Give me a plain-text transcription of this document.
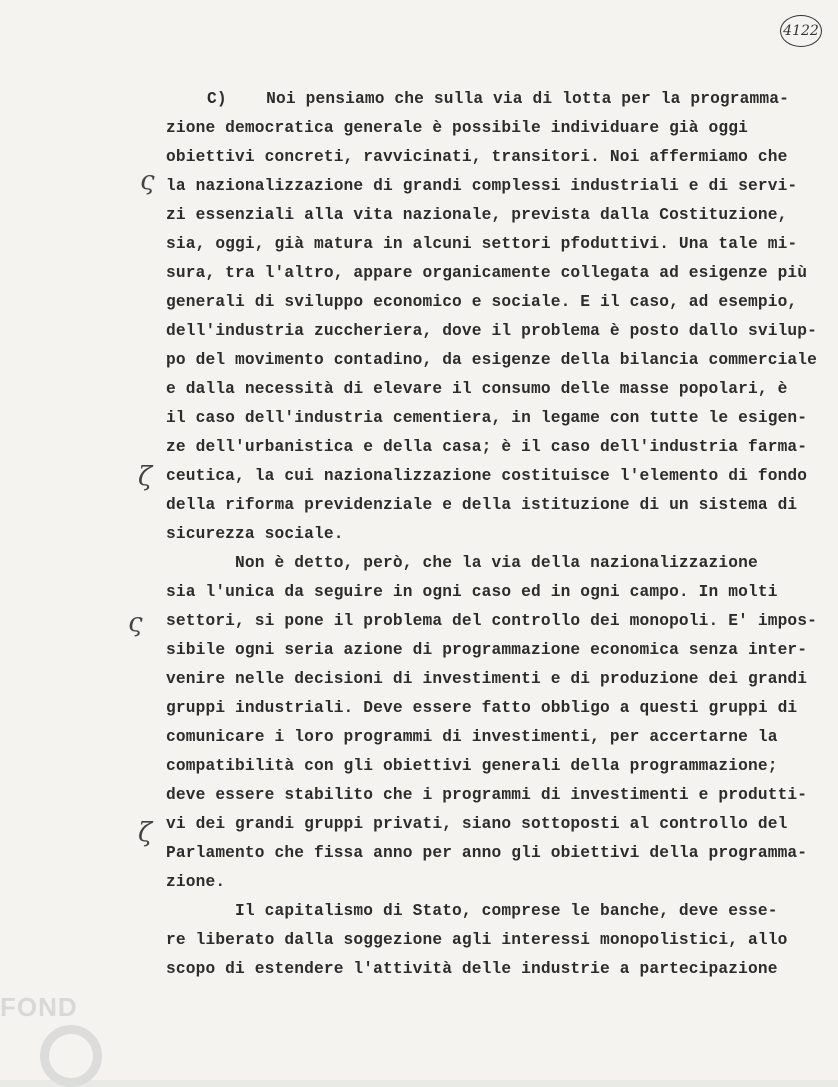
4122
ς
ζ
ς
ζ
C)    Noi pensiamo che sulla via di lotta per la programma-
zione democratica generale è possibile individuare già oggi
obiettivi concreti, ravvicinati, transitori. Noi affermiamo che
la nazionalizzazione di grandi complessi industriali e di servi-
zi essenziali alla vita nazionale, prevista dalla Costituzione,
sia, oggi, già matura in alcuni settori pfoduttivi. Una tale mi-
sura, tra l'altro, appare organicamente collegata ad esigenze più
generali di sviluppo economico e sociale. E il caso, ad esempio,
dell'industria zuccheriera, dove il problema è posto dallo svilup-
po del movimento contadino, da esigenze della bilancia commerciale
e dalla necessità di elevare il consumo delle masse popolari, è
il caso dell'industria cementiera, in legame con tutte le esigen-
ze dell'urbanistica e della casa; è il caso dell'industria farma-
ceutica, la cui nazionalizzazione costituisce l'elemento di fondo
della riforma previdenziale e della istituzione di un sistema di
sicurezza sociale.
Non è detto, però, che la via della nazionalizzazione
sia l'unica da seguire in ogni caso ed in ogni campo. In molti
settori, si pone il problema del controllo dei monopoli. E' impos-
sibile ogni seria azione di programmazione economica senza inter-
venire nelle decisioni di investimenti e di produzione dei grandi
gruppi industriali. Deve essere fatto obbligo a questi gruppi di
comunicare i loro programmi di investimenti, per accertarne la
compatibilità con gli obiettivi generali della programmazione;
deve essere stabilito che i programmi di investimenti e produtti-
vi dei grandi gruppi privati, siano sottoposti al controllo del
Parlamento che fissa anno per anno gli obiettivi della programma-
zione.
Il capitalismo di Stato, comprese le banche, deve esse-
re liberato dalla soggezione agli interessi monopolistici, allo
scopo di estendere l'attività delle industrie a partecipazione
FOND
